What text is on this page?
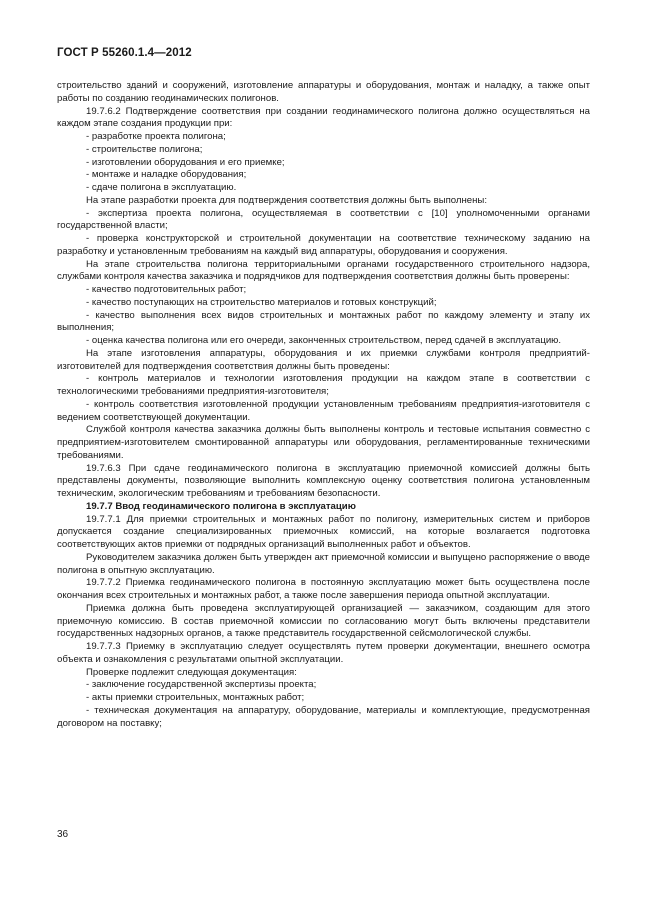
ГОСТ Р 55260.1.4—2012

строительство зданий и сооружений, изготовление аппаратуры и оборудования, монтаж и наладку, а также опыт работы по созданию геодинамических полигонов.

19.7.6.2 Подтверждение соответствия при создании геодинамического полигона должно осуществляться на каждом этапе создания продукции при:

- разработке проекта полигона;

- строительстве полигона;

- изготовлении оборудования и его приемке;

- монтаже и наладке оборудования;

- сдаче полигона в эксплуатацию.

На этапе разработки проекта для подтверждения соответствия должны быть выполнены:

- экспертиза проекта полигона, осуществляемая в соответствии с [10] уполномоченными органами государственной власти;

- проверка конструкторской и строительной документации на соответствие техническому заданию на разработку и установленным требованиям на каждый вид аппаратуры, оборудования и сооружения.

На этапе строительства полигона территориальными органами государственного строительного надзора, службами контроля качества заказчика и подрядчиков для подтверждения соответствия должны быть проверены:

- качество подготовительных работ;

- качество поступающих на строительство материалов и готовых конструкций;

- качество выполнения всех видов строительных и монтажных работ по каждому элементу и этапу их выполнения;

- оценка качества полигона или его очереди, законченных строительством, перед сдачей в эксплуатацию.

На этапе изготовления аппаратуры, оборудования и их приемки службами контроля предприятий-изготовителей для подтверждения соответствия должны быть проведены:

- контроль материалов и технологии изготовления продукции на каждом этапе в соответствии с технологическими требованиями предприятия-изготовителя;

- контроль соответствия изготовленной продукции установленным требованиям предприятия-изготовителя с ведением соответствующей документации.

Службой контроля качества заказчика должны быть выполнены контроль и тестовые испытания совместно с предприятием-изготовителем смонтированной аппаратуры или оборудования, регламентированные техническими требованиями.

19.7.6.3 При сдаче геодинамического полигона в эксплуатацию приемочной комиссией должны быть представлены документы, позволяющие выполнить комплексную оценку соответствия полигона установленным техническим, экологическим требованиям и требованиям безопасности.

19.7.7 Ввод геодинамического полигона в эксплуатацию

19.7.7.1 Для приемки строительных и монтажных работ по полигону, измерительных систем и приборов допускается создание специализированных приемочных комиссий, на которые возлагается подготовка соответствующих актов приемки от подрядных организаций выполненных работ и объектов.

Руководителем заказчика должен быть утвержден акт приемочной комиссии и выпущено распоряжение о вводе полигона в опытную эксплуатацию.

19.7.7.2 Приемка геодинамического полигона в постоянную эксплуатацию может быть осуществлена после окончания всех строительных и монтажных работ, а также после завершения периода опытной эксплуатации.

Приемка должна быть проведена эксплуатирующей организацией — заказчиком, создающим для этого приемочную комиссию. В состав приемочной комиссии по согласованию могут быть включены представители государственных надзорных органов, а также представитель государственной сейсмологической службы.

19.7.7.3 Приемку в эксплуатацию следует осуществлять путем проверки документации, внешнего осмотра объекта и ознакомления с результатами опытной эксплуатации.

Проверке подлежит следующая документация:

- заключение государственной экспертизы проекта;

- акты приемки строительных, монтажных работ;

- техническая документация на аппаратуру, оборудование, материалы и комплектующие, предусмотренная договором на поставку;

36
